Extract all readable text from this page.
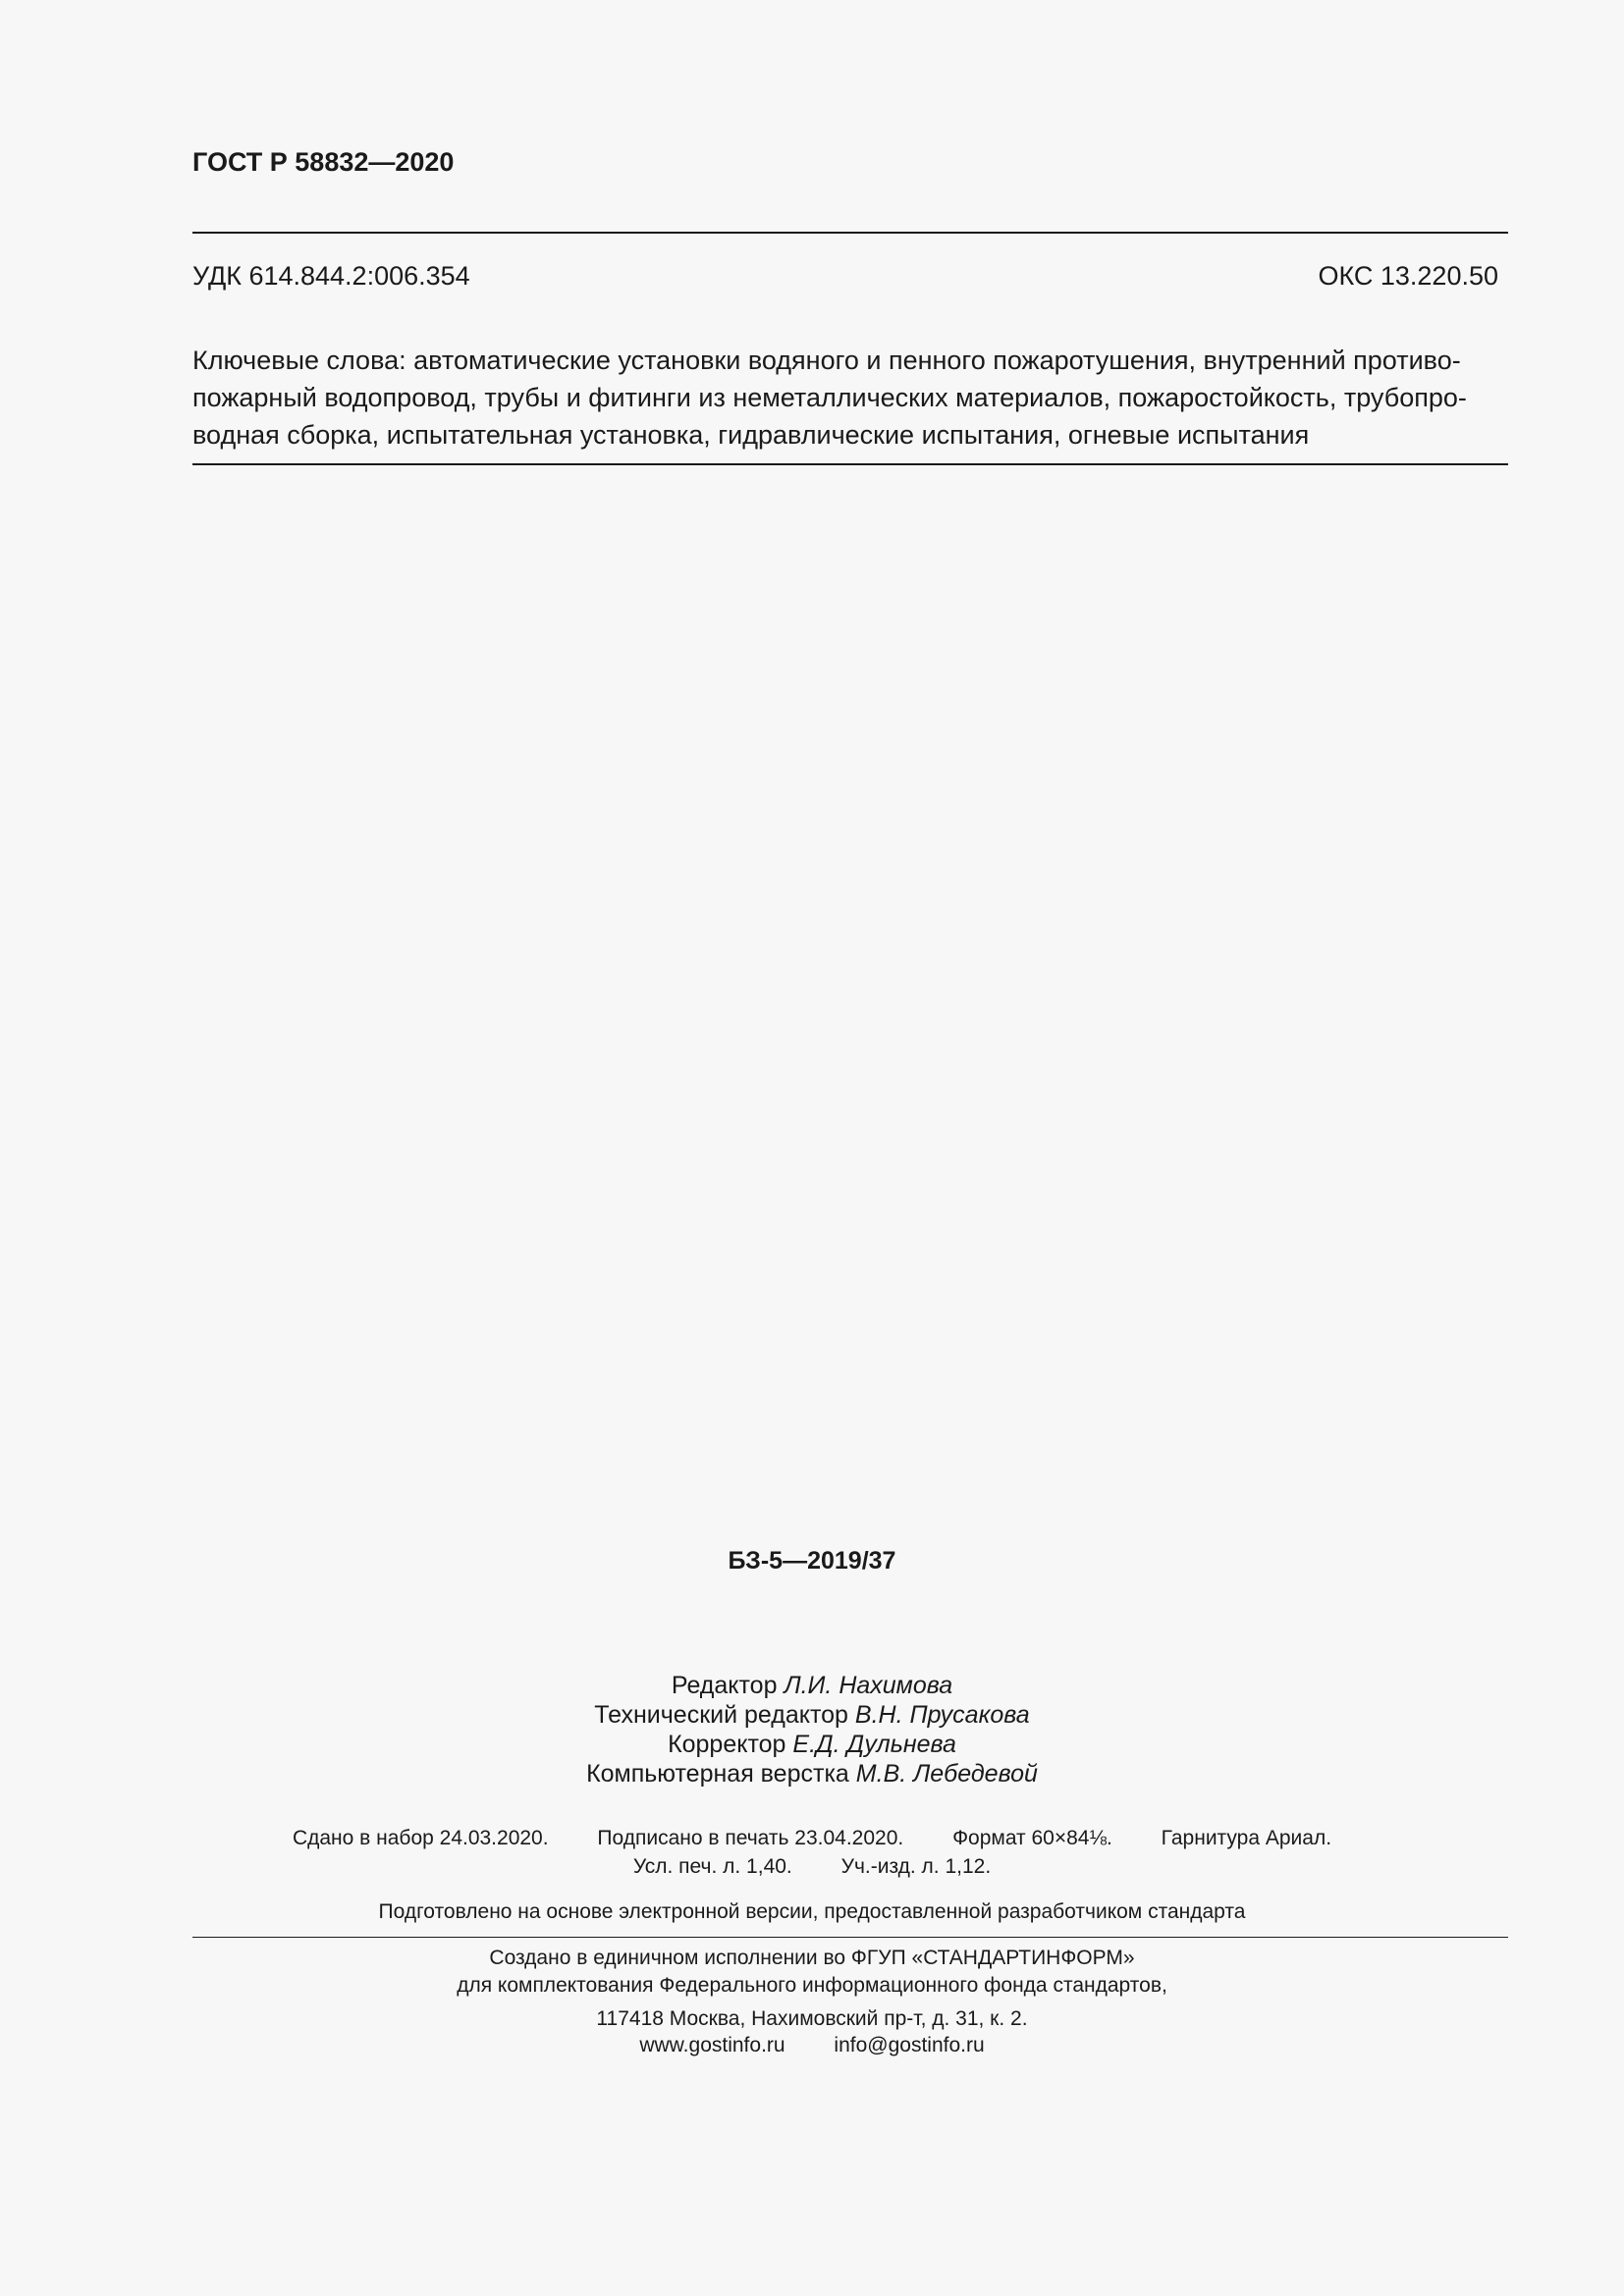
ГОСТ Р 58832—2020
УДК 614.844.2:006.354	ОКС 13.220.50
Ключевые слова: автоматические установки водяного и пенного пожаротушения, внутренний противо-
пожарный водопровод, трубы и фитинги из неметаллических материалов, пожаростойкость, трубопро-
водная сборка, испытательная установка, гидравлические испытания, огневые испытания
БЗ-5—2019/37
Редактор Л.И. Нахимова
Технический редактор В.Н. Прусакова
Корректор Е.Д. Дульнева
Компьютерная верстка М.В. Лебедевой
Сдано в набор 24.03.2020. Подписано в печать 23.04.2020. Формат 60×84⅛. Гарнитура Ариал.
Усл. печ. л. 1,40. Уч.-изд. л. 1,12.
Подготовлено на основе электронной версии, предоставленной разработчиком стандарта
Создано в единичном исполнении во ФГУП «СТАНДАРТИНФОРМ»
для комплектования Федерального информационного фонда стандартов,
117418 Москва, Нахимовский пр-т, д. 31, к. 2.
www.gostinfo.ru info@gostinfo.ru
